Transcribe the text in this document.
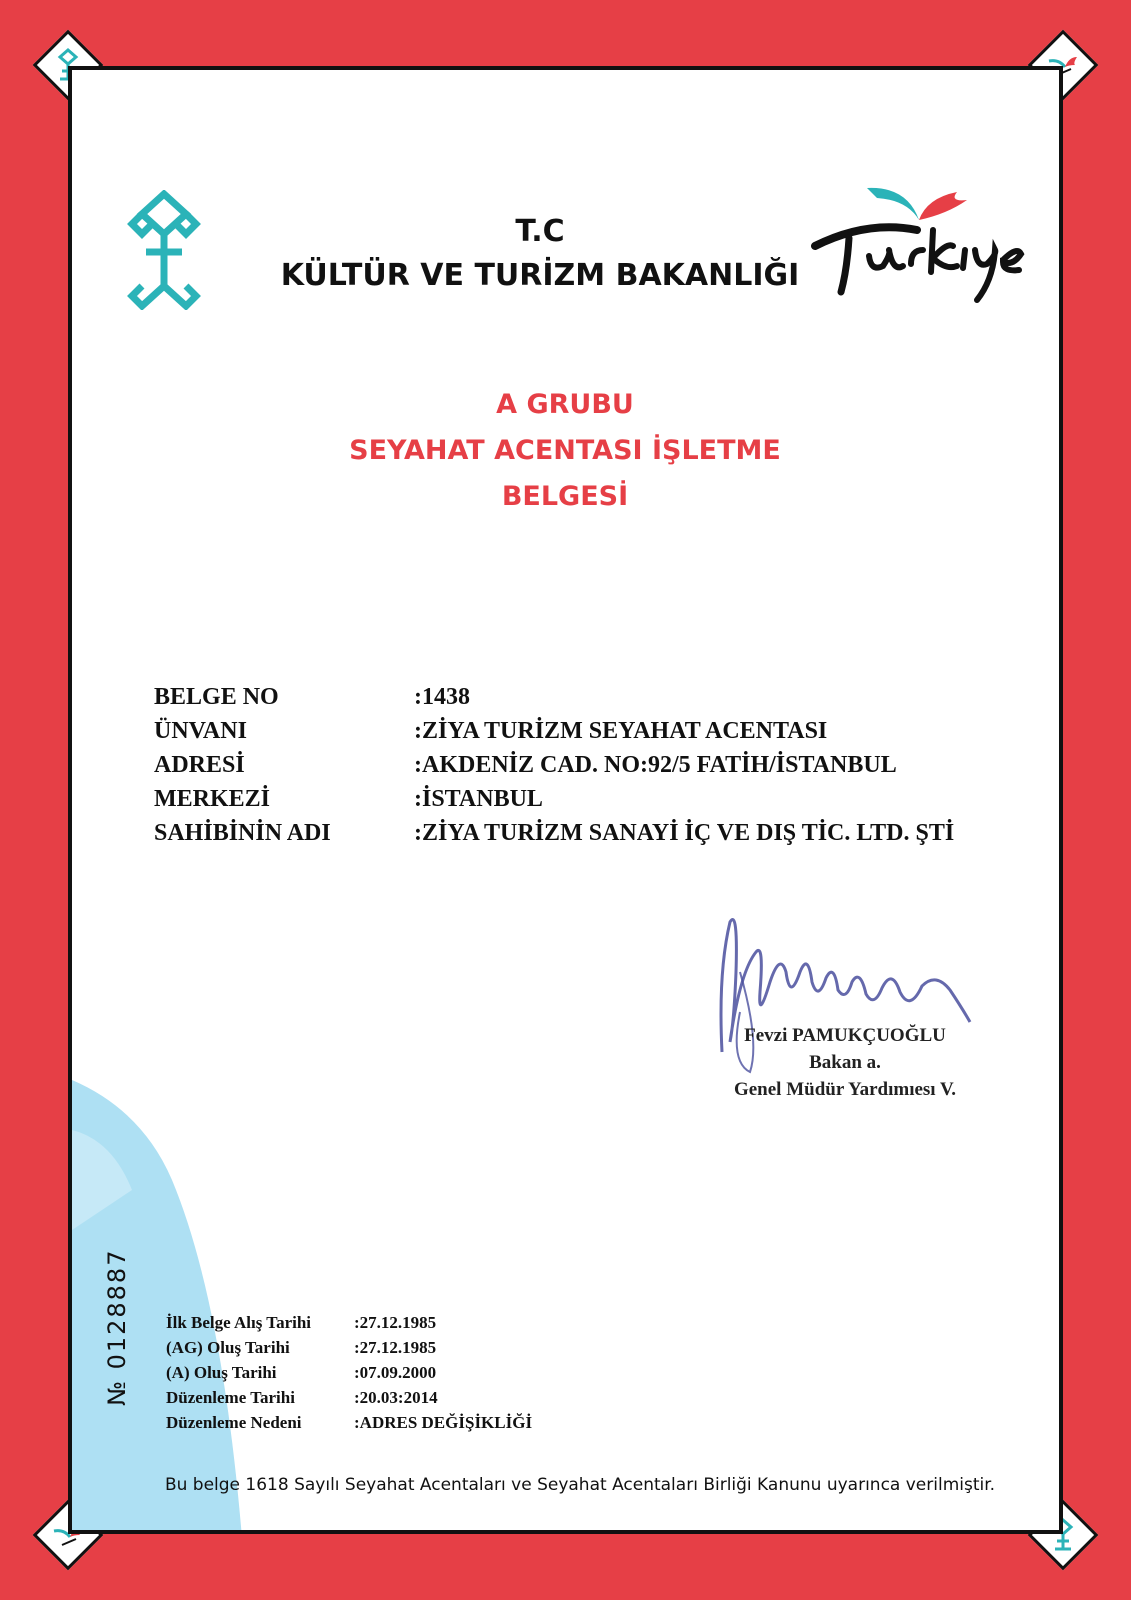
T.C
KÜLTÜR VE TURİZM BAKANLIĞI
A GRUBU
SEYAHAT ACENTASI İŞLETME
BELGESİ
BELGE NO	:1438
ÜNVANI	:ZİYA TURİZM SEYAHAT ACENTASI
ADRESİ	:AKDENİZ CAD. NO:92/5 FATİH/İSTANBUL
MERKEZİ	:İSTANBUL
SAHİBİNİN ADI	:ZİYA TURİZM SANAYİ İÇ VE DIŞ TİC. LTD. ŞTİ
Fevzi PAMUKÇUOĞLU
Bakan a.
Genel Müdür Yardımıesı V.
№ 0128887 İlk Belge Alış Tarihi	:27.12.1985
(AG) Oluş Tarihi	:27.12.1985
(A) Oluş Tarihi	:07.09.2000
Düzenleme Tarihi	:20.03:2014
Düzenleme Nedeni	:ADRES DEĞİŞİKLİĞİ
Bu belge 1618 Sayılı Seyahat Acentaları ve Seyahat Acentaları Birliği Kanunu uyarınca verilmiştir.
